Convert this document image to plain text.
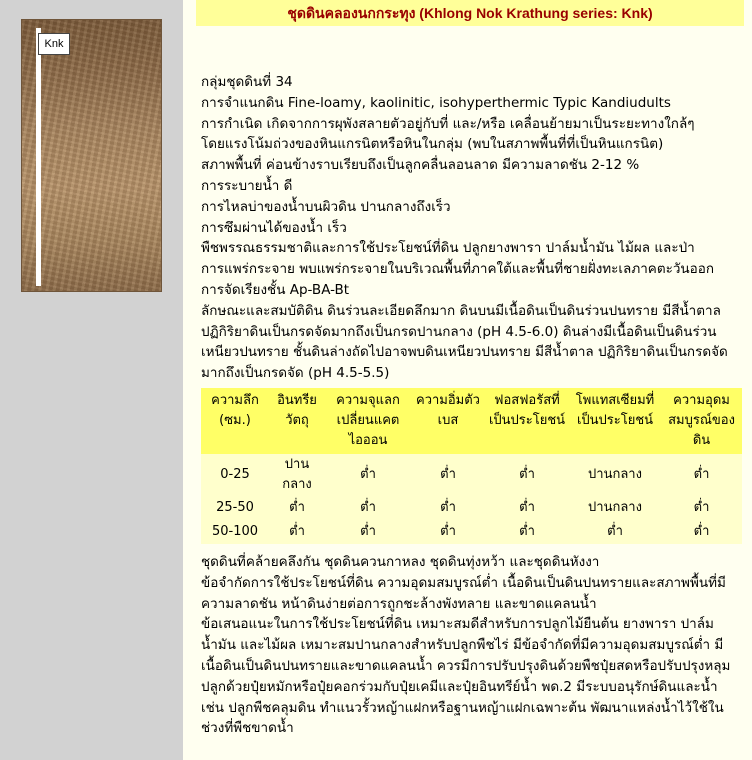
Knk
ชุดดินคลองนกกระทุง (Khlong Nok Krathung series: Knk)

กลุ่มชุดดินที่ 34

การจำแนกดิน Fine-loamy, kaolinitic, isohyperthermic Typic Kandiudults

การกำเนิด เกิดจากการผุพังสลายตัวอยู่กับที่ และ/หรือ เคลื่อนย้ายมาเป็นระยะทางใกล้ๆ

โดยแรงโน้มถ่วงของหินแกรนิตหรือหินในกลุ่ม (พบในสภาพพื้นที่ที่เป็นหินแกรนิต)

สภาพพื้นที่ ค่อนข้างราบเรียบถึงเป็นลูกคลื่นลอนลาด มีความลาดชัน 2-12 %

การระบายน้ำ ดี

การไหลบ่าของน้ำบนผิวดิน ปานกลางถึงเร็ว

การซึมผ่านได้ของน้ำ เร็ว

พืชพรรณธรรมชาติและการใช้ประโยชน์ที่ดิน ปลูกยางพารา ปาล์มน้ำมัน ไม้ผล และป่า

การแพร่กระจาย พบแพร่กระจายในบริเวณพื้นที่ภาคใต้และพื้นที่ชายฝั่งทะเลภาคตะวันออก

การจัดเรียงชั้น Ap-BA-Bt

ลักษณะและสมบัติดิน ดินร่วนละเอียดลึกมาก ดินบนมีเนื้อดินเป็นดินร่วนปนทราย มีสีน้ำตาล ปฏิกิริยาดินเป็นกรดจัดมากถึงเป็นกรดปานกลาง (pH 4.5-6.0) ดินล่างมีเนื้อดินเป็นดินร่วนเหนียวปนทราย ชั้นดินล่างถัดไปอาจพบดินเหนียวปนทราย มีสีน้ำตาล ปฏิกิริยาดินเป็นกรดจัดมากถึงเป็นกรดจัด (pH 4.5-5.5)

ความลึก (ซม.)	อินทรียวัตถุ	ความจุแลกเปลี่ยนแคตไอออน	ความอิ่มตัวเบส	ฟอสฟอรัสที่เป็นประโยชน์	โพแทสเซียมที่เป็นประโยชน์	ความอุดมสมบูรณ์ของดิน
0-25	ปานกลาง	ต่ำ	ต่ำ	ต่ำ	ปานกลาง	ต่ำ
25-50	ต่ำ	ต่ำ	ต่ำ	ต่ำ	ปานกลาง	ต่ำ
50-100	ต่ำ	ต่ำ	ต่ำ	ต่ำ	ต่ำ	ต่ำ

ชุดดินที่คล้ายคลึงกัน ชุดดินควนกาหลง ชุดดินทุ่งหว้า และชุดดินหังงา

ข้อจำกัดการใช้ประโยชน์ที่ดิน ความอุดมสมบูรณ์ต่ำ เนื้อดินเป็นดินปนทรายและสภาพพื้นที่มีความลาดชัน หน้าดินง่ายต่อการถูกชะล้างพังทลาย และขาดแคลนน้ำ

ข้อเสนอแนะในการใช้ประโยชน์ที่ดิน เหมาะสมดีสำหรับการปลูกไม้ยืนต้น ยางพารา ปาล์มน้ำมัน และไม้ผล เหมาะสมปานกลางสำหรับปลูกพืชไร่ มีข้อจำกัดที่มีความอุดมสมบูรณ์ต่ำ มีเนื้อดินเป็นดินปนทรายและขาดแคลนน้ำ ควรมีการปรับปรุงดินด้วยพืชปุ๋ยสดหรือปรับปรุงหลุมปลูกด้วยปุ๋ยหมักหรือปุ๋ยคอกร่วมกับปุ๋ยเคมีและปุ๋ยอินทรีย์น้ำ พด.2 มีระบบอนุรักษ์ดินและน้ำ เช่น ปลูกพืชคลุมดิน ทำแนวรั้วหญ้าแฝกหรือฐานหญ้าแฝกเฉพาะต้น พัฒนาแหล่งน้ำไว้ใช้ในช่วงที่พืชขาดน้ำ
